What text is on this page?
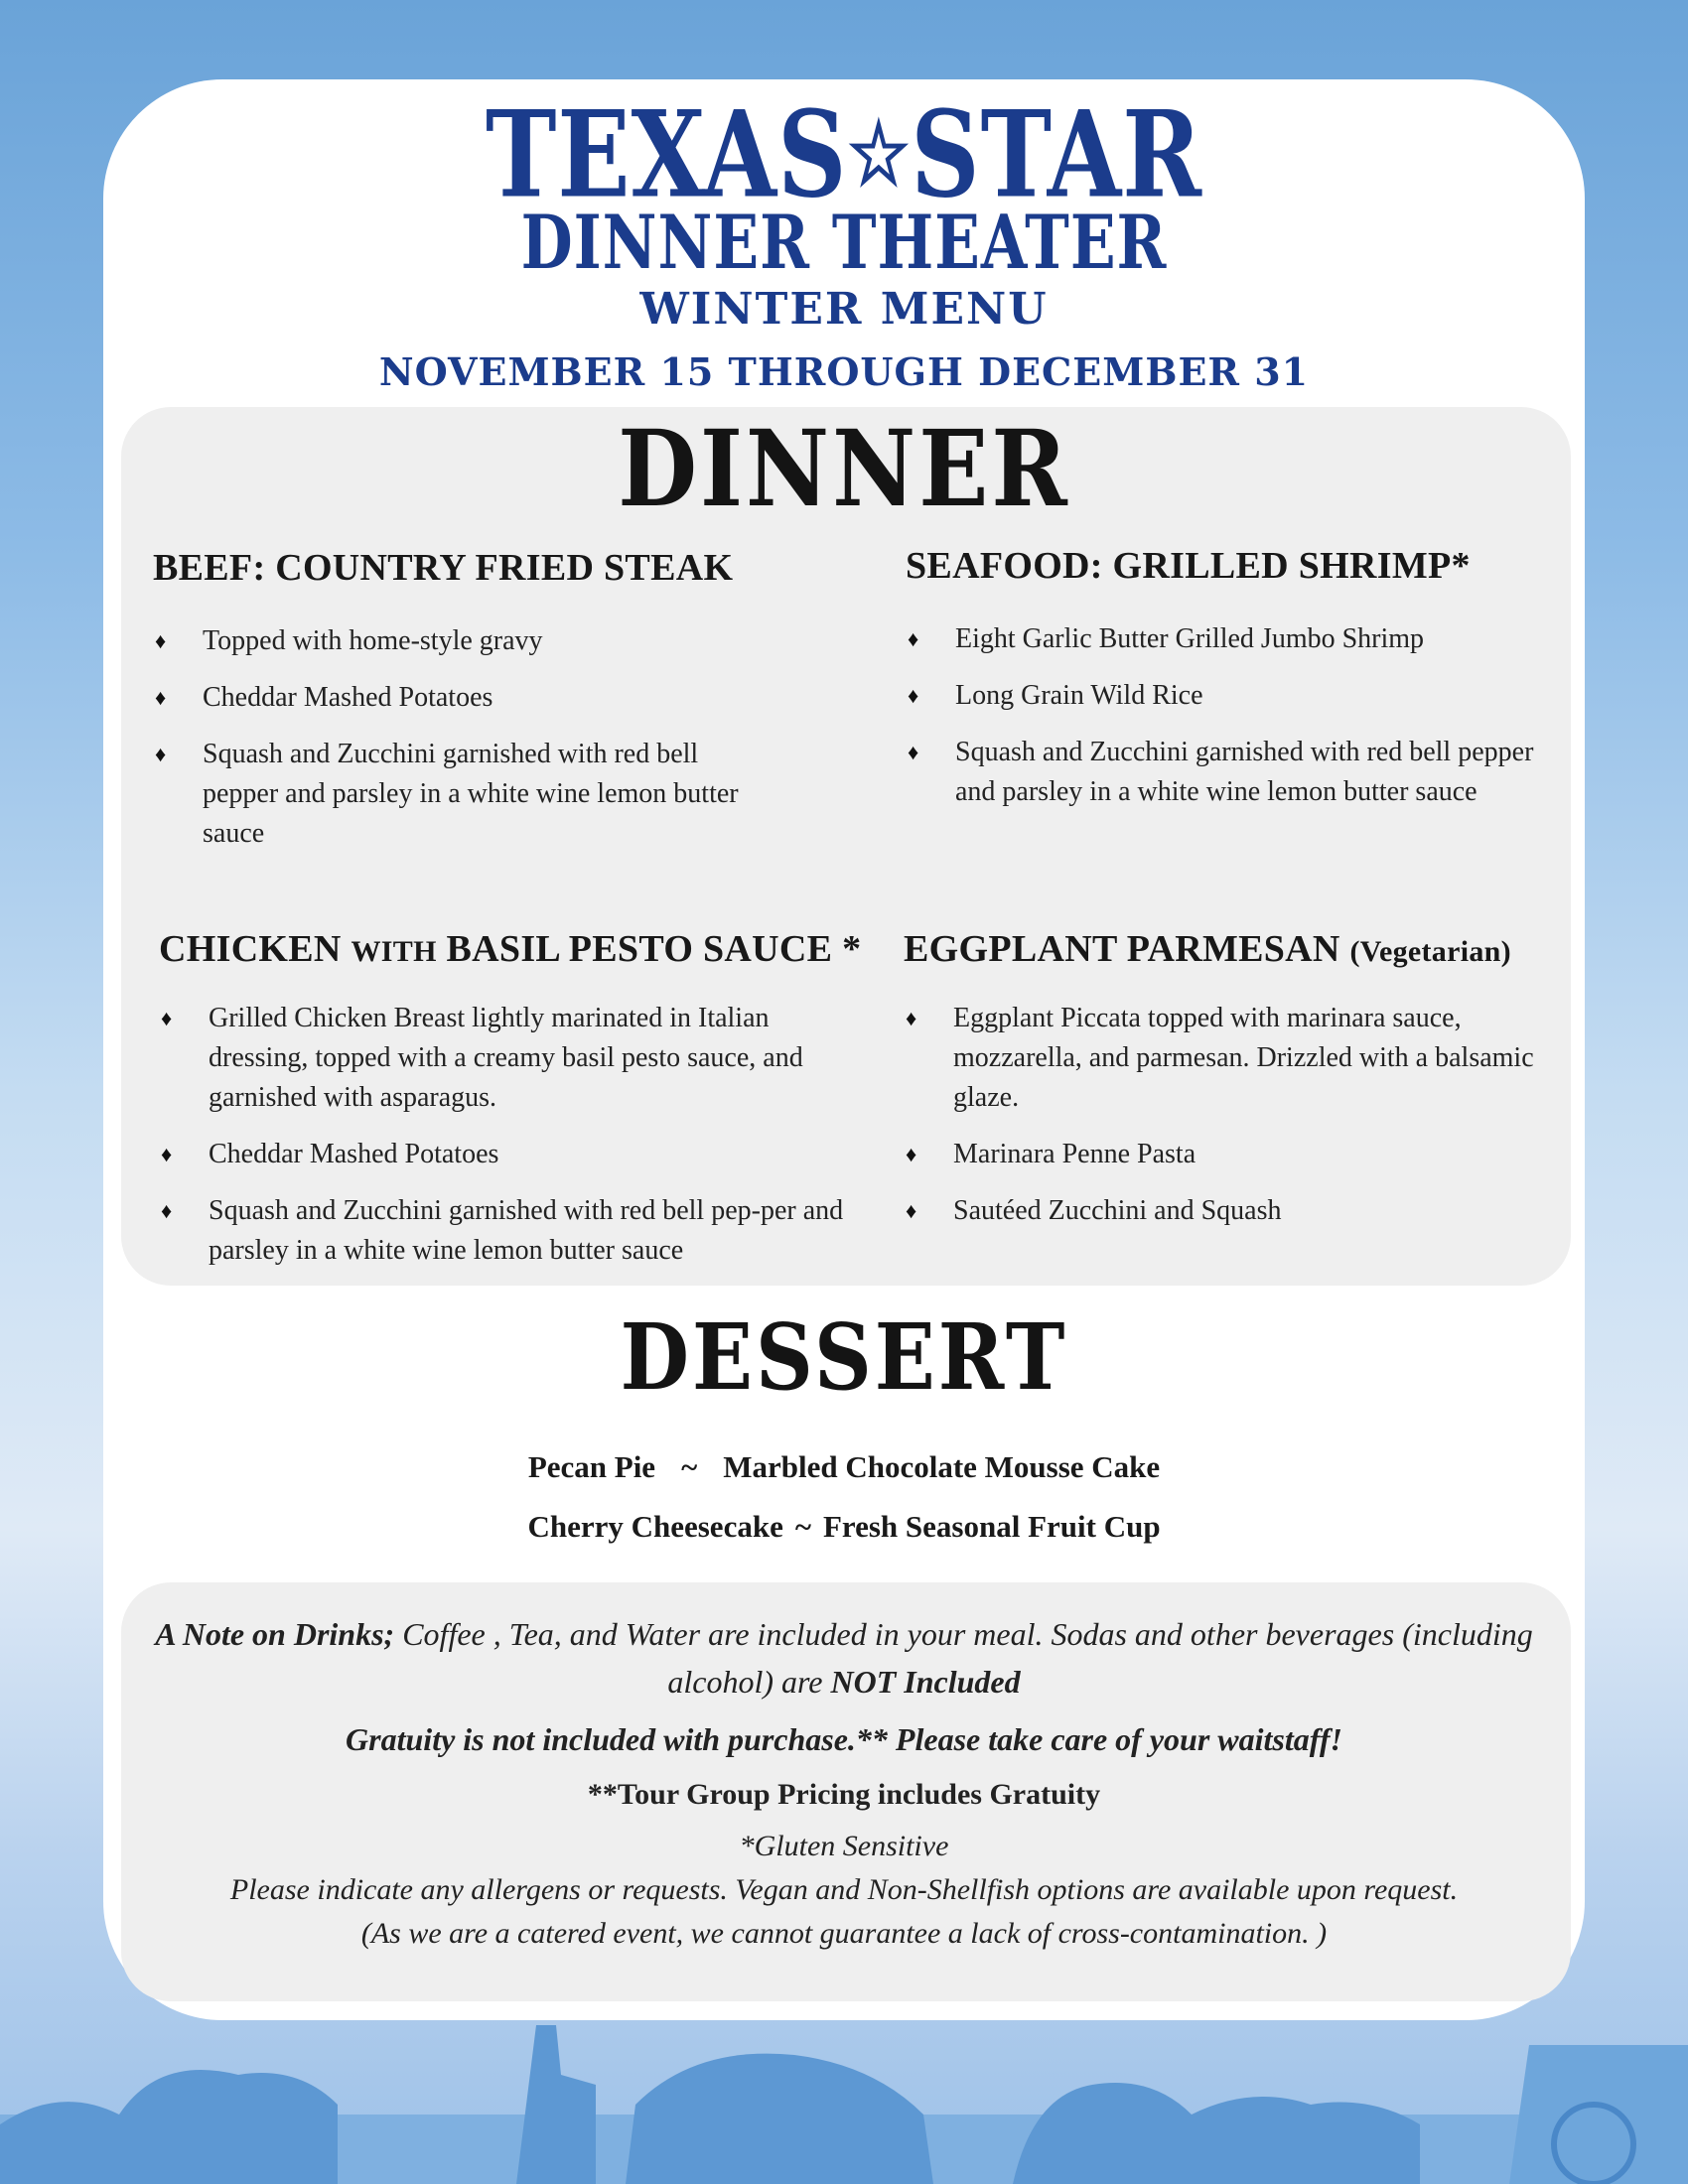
TEXAS☆STAR
DINNER THEATER
WINTER MENU
NOVEMBER 15 THROUGH DECEMBER 31
DINNER
BEEF: COUNTRY FRIED STEAK
♦ Topped with home-style gravy
♦ Cheddar Mashed Potatoes
♦ Squash and Zucchini garnished with red bell pepper and parsley in a white wine lemon butter sauce
SEAFOOD: GRILLED SHRIMP*
♦ Eight Garlic Butter Grilled Jumbo Shrimp
♦ Long Grain Wild Rice
♦ Squash and Zucchini garnished with red bell pepper and parsley in a white wine lemon butter sauce
CHICKEN WITH BASIL PESTO SAUCE *
♦ Grilled Chicken Breast lightly marinated in Italian dressing, topped with a creamy basil pesto sauce, and garnished with asparagus.
♦ Cheddar Mashed Potatoes
♦ Squash and Zucchini garnished with red bell pep-per and parsley in a white wine lemon butter sauce
EGGPLANT PARMESAN (Vegetarian)
♦ Eggplant Piccata topped with marinara sauce, mozzarella, and parmesan. Drizzled with a balsamic glaze.
♦ Marinara Penne Pasta
♦ Sautéed Zucchini and Squash
DESSERT
Pecan Pie ~ Marbled Chocolate Mousse Cake
Cherry Cheesecake ~ Fresh Seasonal Fruit Cup
A Note on Drinks; Coffee , Tea, and Water are included in your meal. Sodas and other beverages (including alcohol) are NOT Included
Gratuity is not included with purchase.** Please take care of your waitstaff!
**Tour Group Pricing includes Gratuity
*Gluten Sensitive
Please indicate any allergens or requests. Vegan and Non-Shellfish options are available upon request.
(As we are a catered event, we cannot guarantee a lack of cross-contamination. )
